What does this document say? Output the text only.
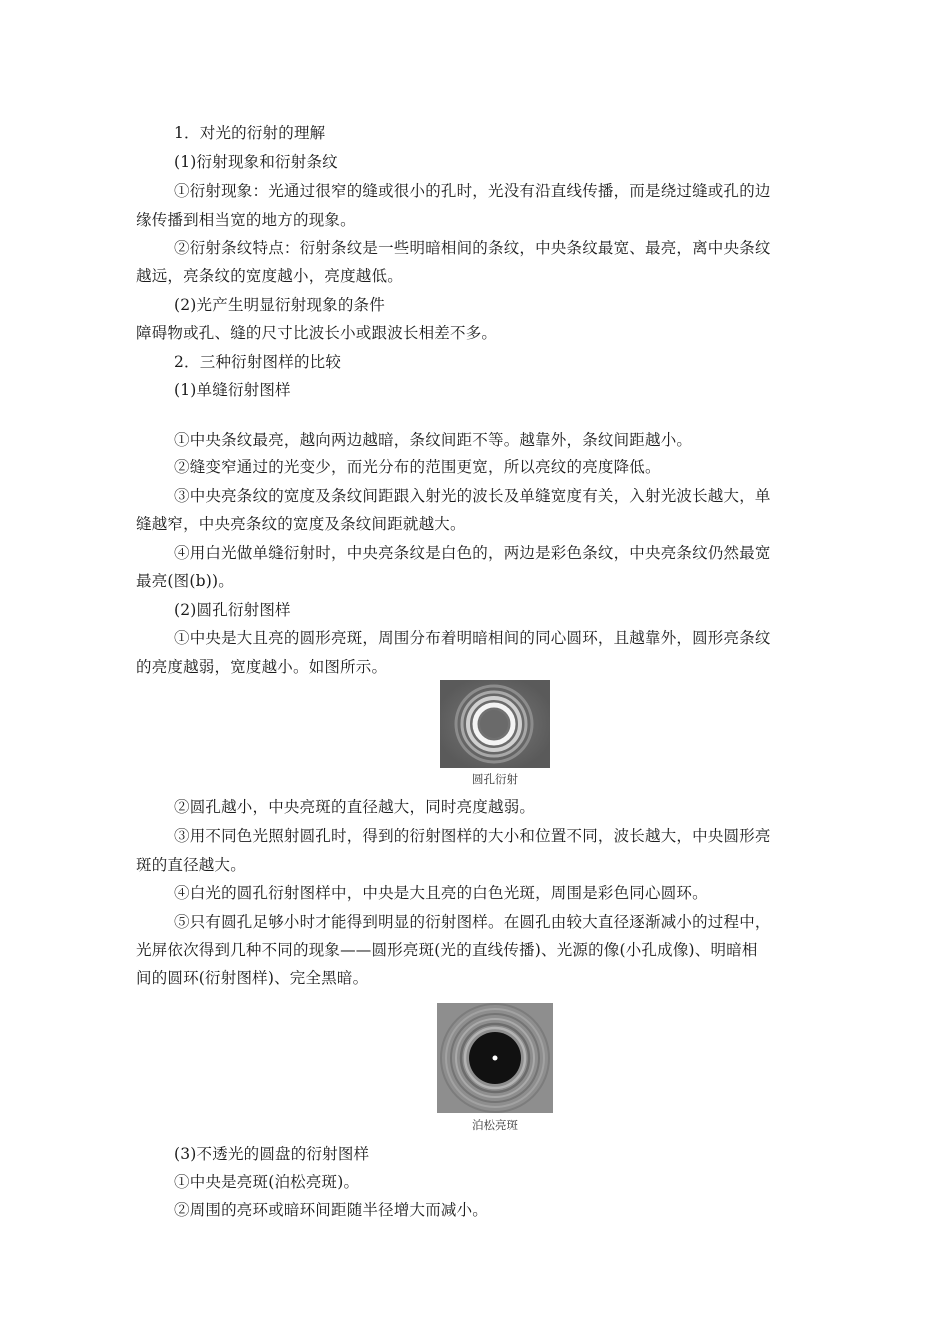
1．对光的衍射的理解
(1)衍射现象和衍射条纹
①衍射现象：光通过很窄的缝或很小的孔时，光没有沿直线传播，而是绕过缝或孔的边
缘传播到相当宽的地方的现象。
②衍射条纹特点：衍射条纹是一些明暗相间的条纹，中央条纹最宽、最亮，离中央条纹
越远，亮条纹的宽度越小，亮度越低。
(2)光产生明显衍射现象的条件
障碍物或孔、缝的尺寸比波长小或跟波长相差不多。
2．三种衍射图样的比较
(1)单缝衍射图样
①中央条纹最亮，越向两边越暗，条纹间距不等。越靠外，条纹间距越小。
②缝变窄通过的光变少，而光分布的范围更宽，所以亮纹的亮度降低。
③中央亮条纹的宽度及条纹间距跟入射光的波长及单缝宽度有关，入射光波长越大，单
缝越窄，中央亮条纹的宽度及条纹间距就越大。
④用白光做单缝衍射时，中央亮条纹是白色的，两边是彩色条纹，中央亮条纹仍然最宽
最亮(图(b))。
(2)圆孔衍射图样
①中央是大且亮的圆形亮斑，周围分布着明暗相间的同心圆环，且越靠外，圆形亮条纹
的亮度越弱，宽度越小。如图所示。
圆孔衍射
②圆孔越小，中央亮斑的直径越大，同时亮度越弱。
③用不同色光照射圆孔时，得到的衍射图样的大小和位置不同，波长越大，中央圆形亮
斑的直径越大。
④白光的圆孔衍射图样中，中央是大且亮的白色光斑，周围是彩色同心圆环。
⑤只有圆孔足够小时才能得到明显的衍射图样。在圆孔由较大直径逐渐减小的过程中，
光屏依次得到几种不同的现象——圆形亮斑(光的直线传播)、光源的像(小孔成像)、明暗相
间的圆环(衍射图样)、完全黑暗。
泊松亮斑
(3)不透光的圆盘的衍射图样
①中央是亮斑(泊松亮斑)。
②周围的亮环或暗环间距随半径增大而减小。
